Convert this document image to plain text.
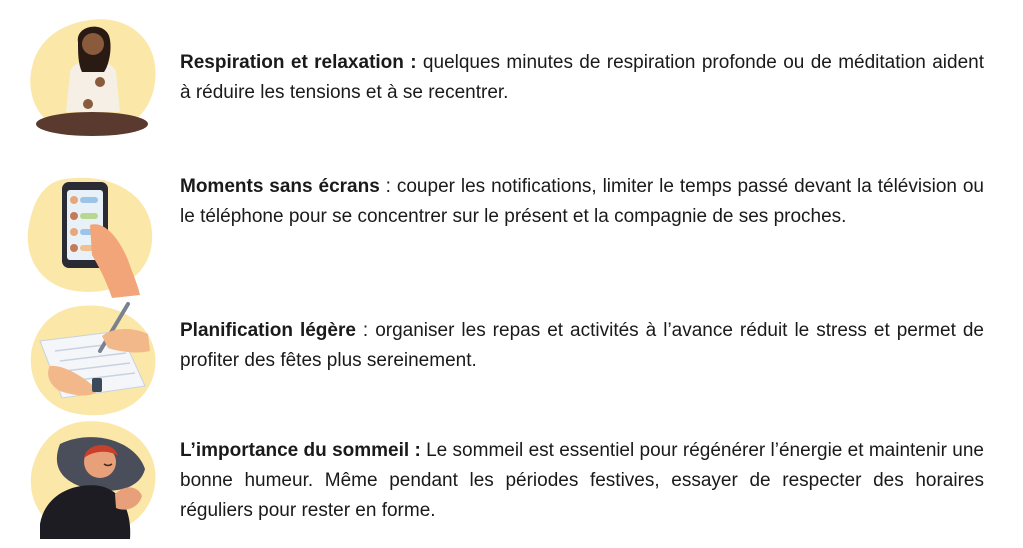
Respiration et relaxation : quelques minutes de respiration profonde ou de méditation aident à réduire les tensions et à se recentrer.

Moments sans écrans : couper les notifications, limiter le temps passé devant la télévision ou le téléphone pour se concentrer sur le présent et la compagnie de ses proches.

Planification légère : organiser les repas et activités à l’avance réduit le stress et permet de profiter des fêtes plus sereinement.

L’importance du sommeil : Le sommeil est essentiel pour régénérer l’énergie et maintenir une bonne humeur. Même pendant les périodes festives, essayer de respecter des horaires réguliers pour rester en forme.
